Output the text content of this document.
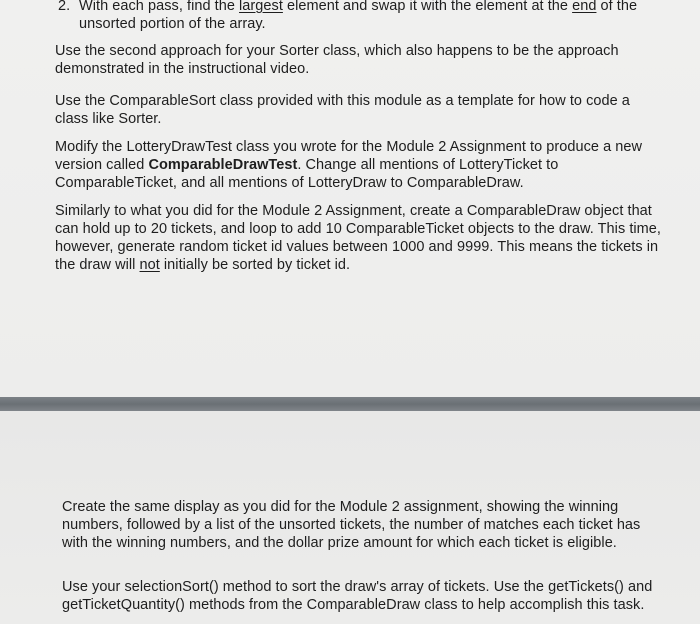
2. With each pass, find the largest element and swap it with the element at the end of the unsorted portion of the array.

Use the second approach for your Sorter class, which also happens to be the approach demonstrated in the instructional video.

Use the ComparableSort class provided with this module as a template for how to code a class like Sorter.

Modify the LotteryDrawTest class you wrote for the Module 2 Assignment to produce a new version called ComparableDrawTest. Change all mentions of LotteryTicket to ComparableTicket, and all mentions of LotteryDraw to ComparableDraw.

Similarly to what you did for the Module 2 Assignment, create a ComparableDraw object that can hold up to 20 tickets, and loop to add 10 ComparableTicket objects to the draw. This time, however, generate random ticket id values between 1000 and 9999. This means the tickets in the draw will not initially be sorted by ticket id.

Create the same display as you did for the Module 2 assignment, showing the winning numbers, followed by a list of the unsorted tickets, the number of matches each ticket has with the winning numbers, and the dollar prize amount for which each ticket is eligible.

Use your selectionSort() method to sort the draw's array of tickets. Use the getTickets() and getTicketQuantity() methods from the ComparableDraw class to help accomplish this task.
